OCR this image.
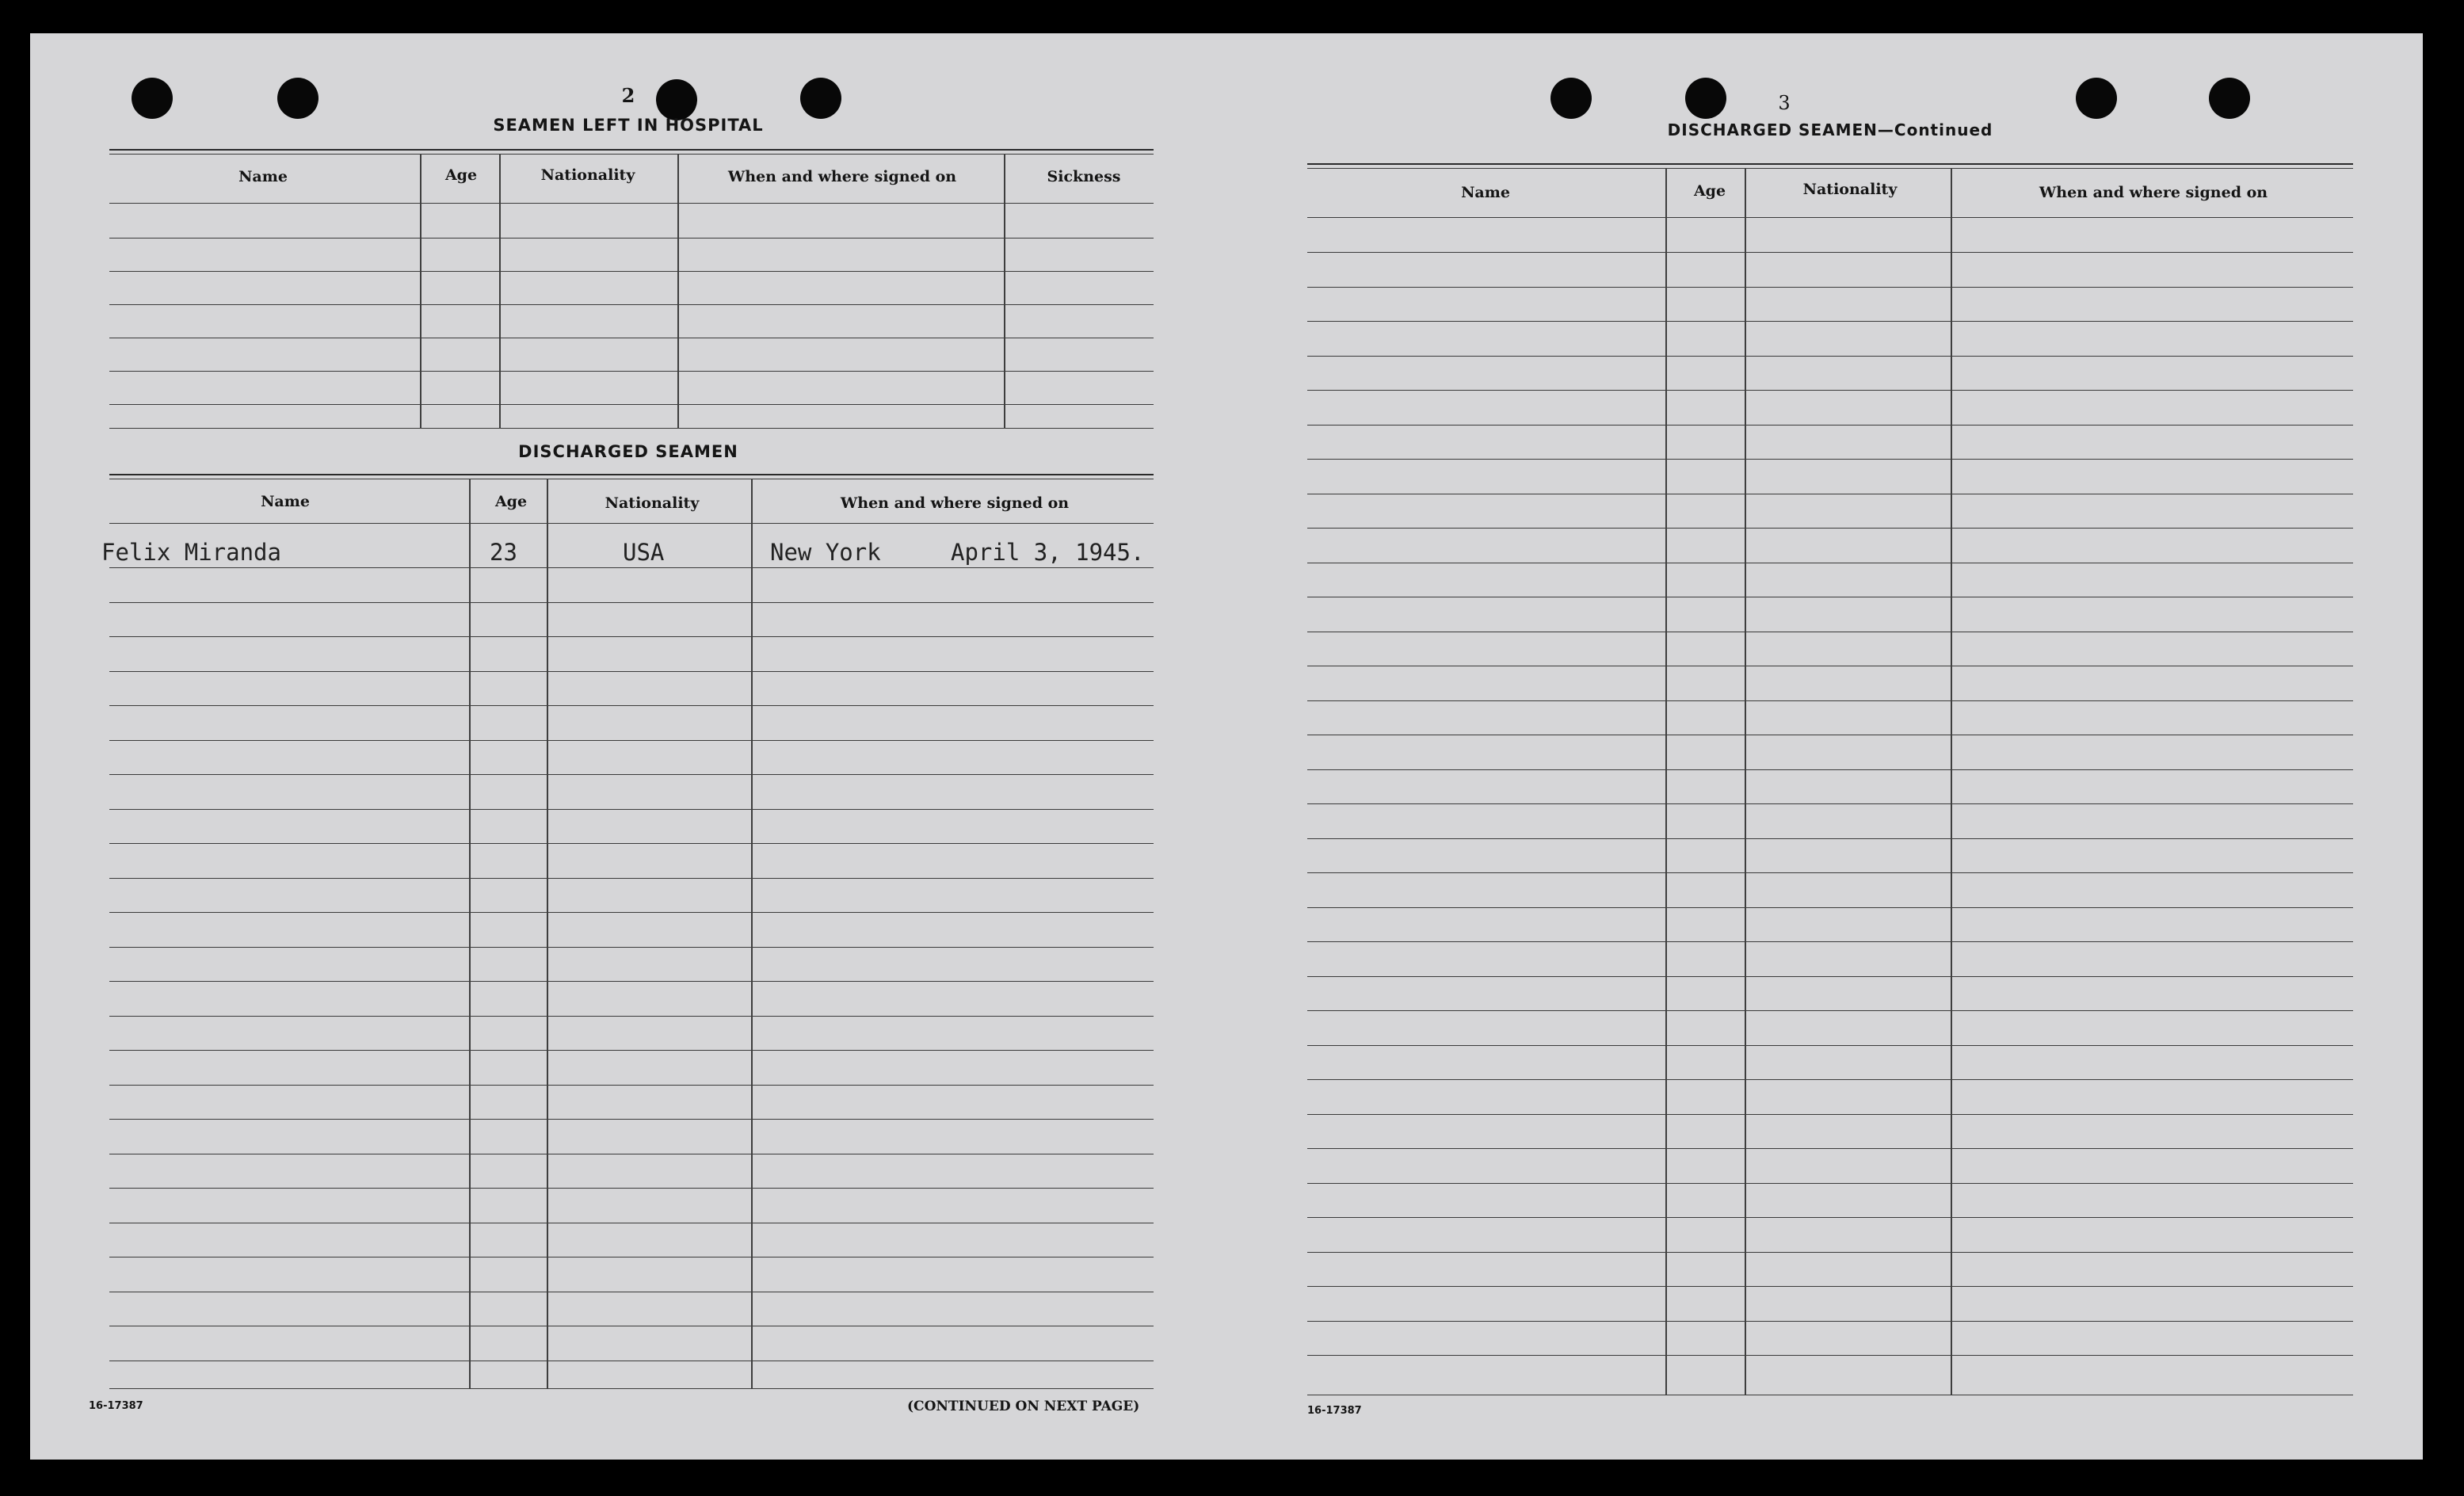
2
SEAMEN LEFT IN HOSPITAL
Name	Age	Nationality	When and where signed on	Sickness
DISCHARGED SEAMEN
Name	Age	Nationality	When and where signed on
Felix Miranda	23	USA	New York	April 3, 1945.
16-17387	(CONTINUED ON NEXT PAGE)
3
DISCHARGED SEAMEN—Continued
Name	Age	Nationality	When and where signed on
16-17387
